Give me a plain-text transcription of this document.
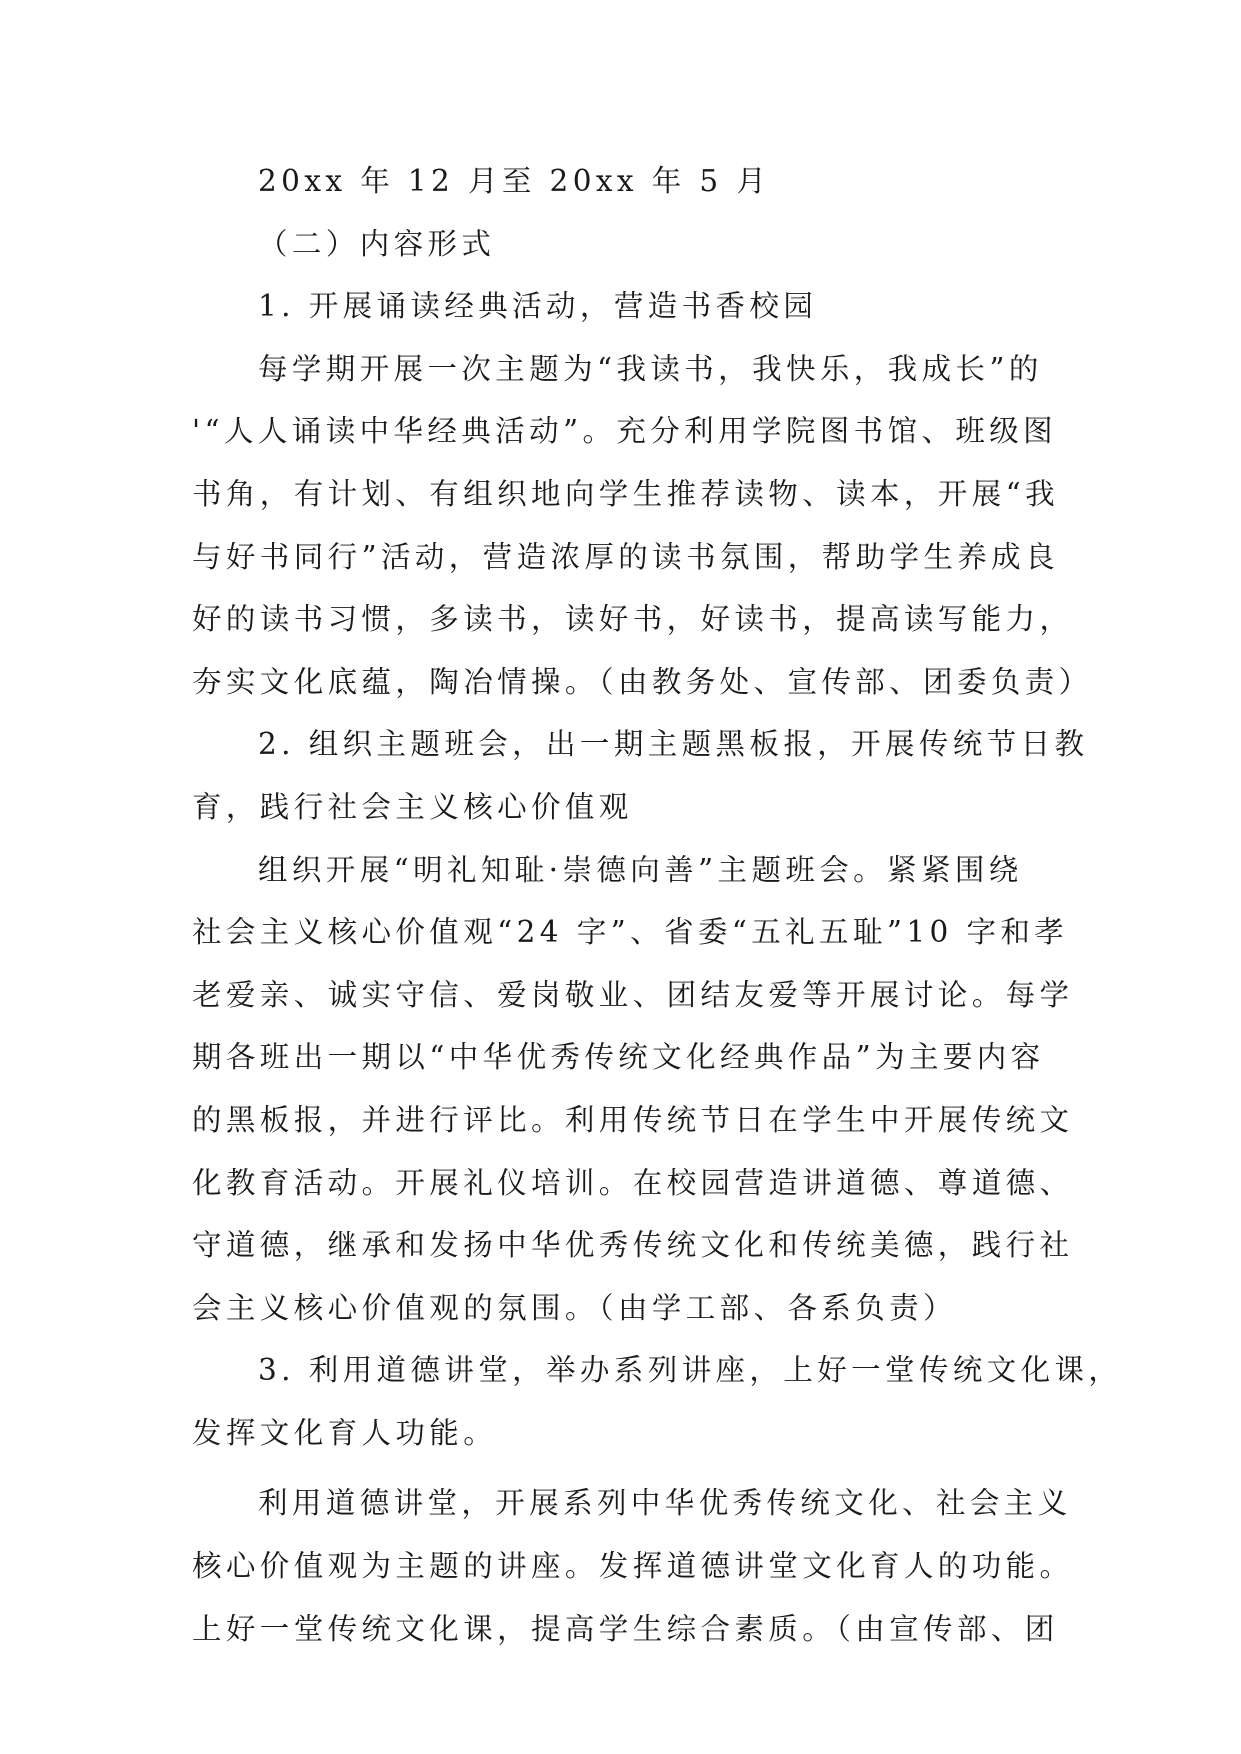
20xx 年 12 月至 20xx 年 5 月
（二）内容形式
1. 开展诵读经典活动，营造书香校园
每学期开展一次主题为“我读书，我快乐，我成长”的
'“人人诵读中华经典活动”。充分利用学院图书馆、班级图
书角，有计划、有组织地向学生推荐读物、读本，开展“我
与好书同行”活动，营造浓厚的读书氛围，帮助学生养成良
好的读书习惯，多读书，读好书，好读书，提高读写能力，
夯实文化底蕴，陶冶情操。（由教务处、宣传部、团委负责）
2. 组织主题班会，出一期主题黑板报，开展传统节日教
育，践行社会主义核心价值观
组织开展“明礼知耻·崇德向善”主题班会。紧紧围绕
社会主义核心价值观“24 字”、省委“五礼五耻”10 字和孝
老爱亲、诚实守信、爱岗敬业、团结友爱等开展讨论。每学
期各班出一期以“中华优秀传统文化经典作品”为主要内容
的黑板报，并进行评比。利用传统节日在学生中开展传统文
化教育活动。开展礼仪培训。在校园营造讲道德、尊道德、
守道德，继承和发扬中华优秀传统文化和传统美德，践行社
会主义核心价值观的氛围。（由学工部、各系负责）
3. 利用道德讲堂，举办系列讲座，上好一堂传统文化课，
发挥文化育人功能。
利用道德讲堂，开展系列中华优秀传统文化、社会主义
核心价值观为主题的讲座。发挥道德讲堂文化育人的功能。
上好一堂传统文化课，提高学生综合素质。（由宣传部、团
